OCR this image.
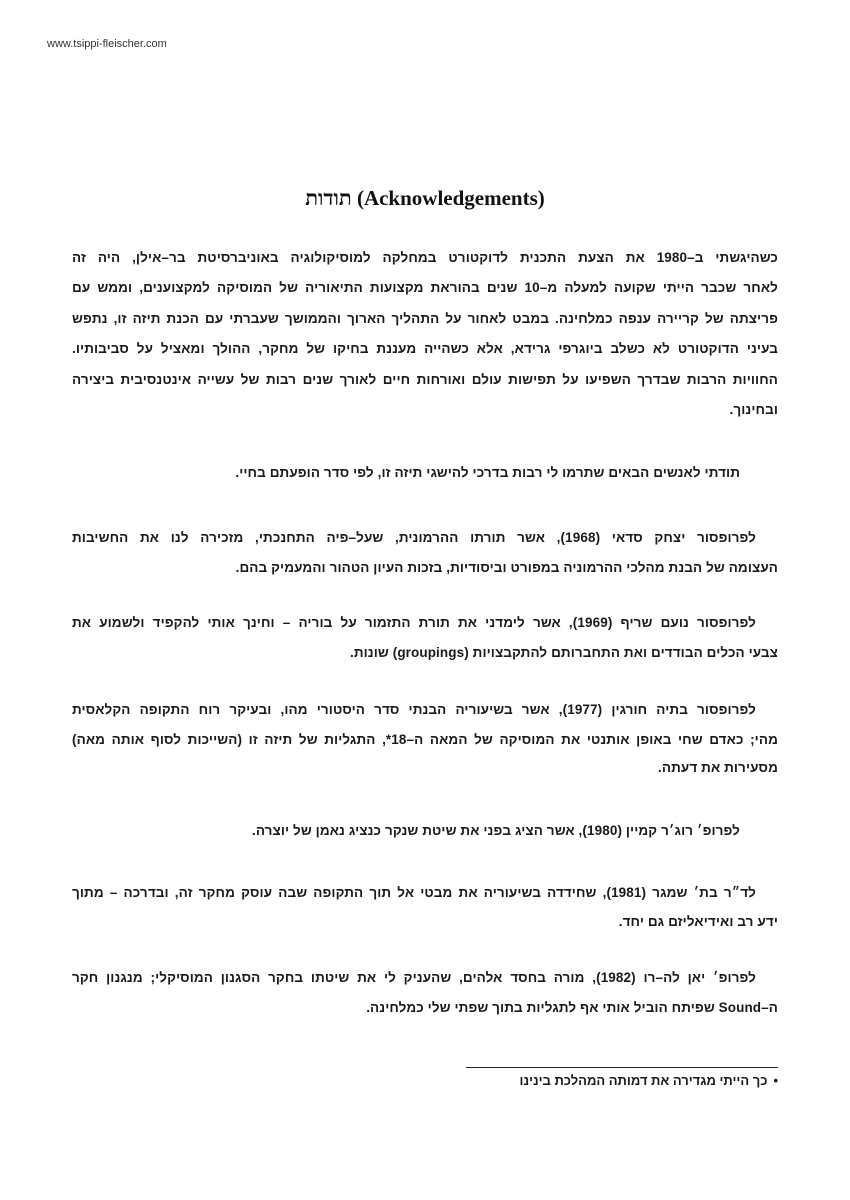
www.tsippi-fleischer.com
תודות (Acknowledgements)
כשהיגשתי ב–1980 את הצעת התכנית לדוקטורט במחלקה למוסיקולוגיה באוניברסיטת בר–אילן, היה זה
לאחר שכבר הייתי שקועה למעלה מ–10 שנים בהוראת מקצועות התיאוריה של המוסיקה למקצוענים, וממש עם
פריצתה של קריירה ענפה כמלחינה. במבט לאחור על התהליך הארוך והממושך שעברתי עם הכנת תיזה זו, נתפש
בעיני הדוקטורט לא כשלב ביוגרפי גרידא, אלא כשהייה מעננת בחיקו של מחקר, ההולך ומאציל על סביבותיו.
החוויות הרבות שבדרך השפיעו על תפישות עולם ואורחות חיים לאורך שנים רבות של עשייה אינטנסיבית ביצירה
ובחינוך.
תודתי לאנשים הבאים שתרמו לי רבות בדרכי להישגי תיזה זו, לפי סדר הופעתם בחיי.
לפרופסור יצחק סדאי (1968), אשר תורתו ההרמונית, שעל–פיה התחנכתי, מזכירה לנו את החשיבות
העצומה של הבנת מהלכי ההרמוניה במפורט וביסודיות, בזכות העיון הטהור והמעמיק בהם.
לפרופסור נועם שריף (1969), אשר לימדני את תורת התזמור על בוריה – וחינך אותי להקפיד ולשמוע את
צבעי הכלים הבודדים ואת התחברותם להתקבצויות (groupings) שונות.
לפרופסור בתיה חורגין (1977), אשר בשיעוריה הבנתי סדר היסטורי מהו, ובעיקר רוח התקופה הקלאסית
מהי; כאדם שחי באופן אותנטי את המוסיקה של המאה ה–18*, התגליות של תיזה זו (השייכות לסוף אותה מאה)
מסעירות את דעתה.
לפרופ׳ רוג׳ר קמיין (1980), אשר הציג בפני את שיטת שנקר כנציג נאמן של יוצרה.
לד״ר בת׳ שמגר (1981), שחידדה בשיעוריה את מבטי אל תוך התקופה שבה עוסק מחקר זה, ובדרכה – מתוך
ידע רב ואידיאליזם גם יחד.
לפרופ׳ יאן לה–רו (1982), מורה בחסד אלהים, שהעניק לי את שיטתו בחקר הסגנון המוסיקלי; מנגנון חקר
ה–Sound שפיתח הוביל אותי אף לתגליות בתוך שפתי שלי כמלחינה.
•כך הייתי מגדירה את דמותה המהלכת בינינו
